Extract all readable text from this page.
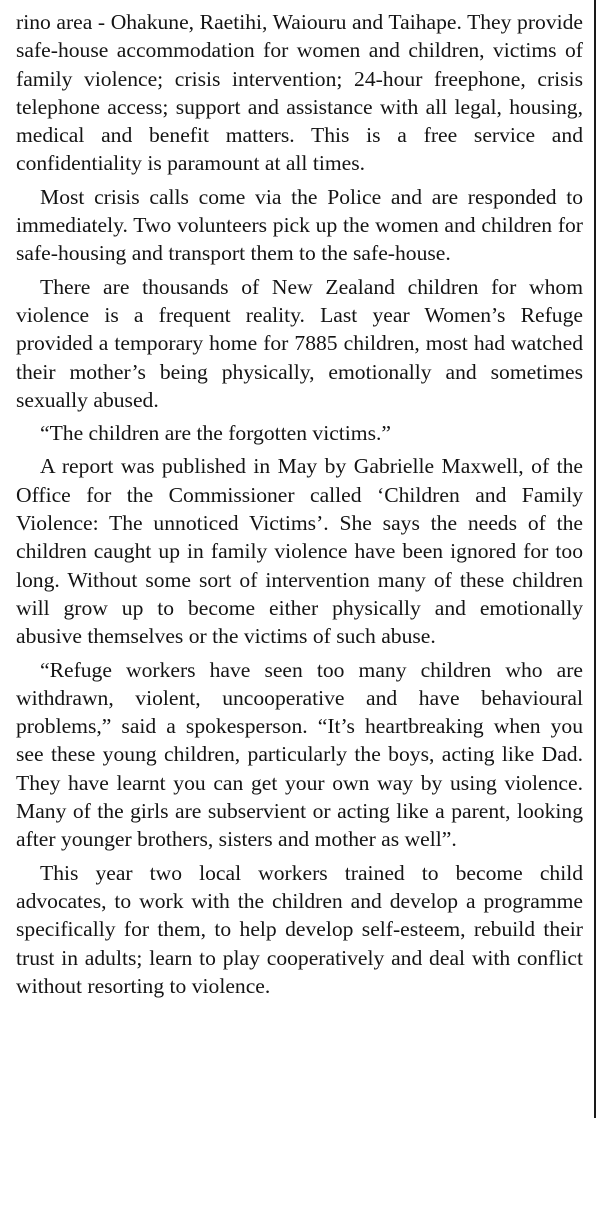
rino area - Ohakune, Raetihi, Waiouru and Taihape. They provide safe-house accommodation for women and children, victims of family violence; crisis intervention; 24-hour freephone, crisis telephone access; support and assistance with all legal, housing, medical and benefit matters. This is a free service and confidentiality is paramount at all times.

Most crisis calls come via the Police and are responded to immediately. Two volunteers pick up the women and children for safe-housing and transport them to the safe-house.

There are thousands of New Zealand children for whom violence is a frequent reality. Last year Women’s Refuge provided a temporary home for 7885 children, most had watched their mother’s being physically, emotionally and sometimes sexually abused.

“The children are the forgotten victims.”

A report was published in May by Gabrielle Maxwell, of the Office for the Commissioner called ‘Children and Family Violence: The unnoticed Victims’. She says the needs of the children caught up in family violence have been ignored for too long. Without some sort of intervention many of these children will grow up to become either physically and emotionally abusive themselves or the victims of such abuse.

“Refuge workers have seen too many children who are withdrawn, violent, uncooperative and have behavioural problems,” said a spokesperson. “It’s heartbreaking when you see these young children, particularly the boys, acting like Dad. They have learnt you can get your own way by using violence. Many of the girls are subservient or acting like a parent, looking after younger brothers, sisters and mother as well”.

This year two local workers trained to become child advocates, to work with the children and develop a programme specifically for them, to help develop self-esteem, rebuild their trust in adults; learn to play cooperatively and deal with conflict without resorting to violence.
